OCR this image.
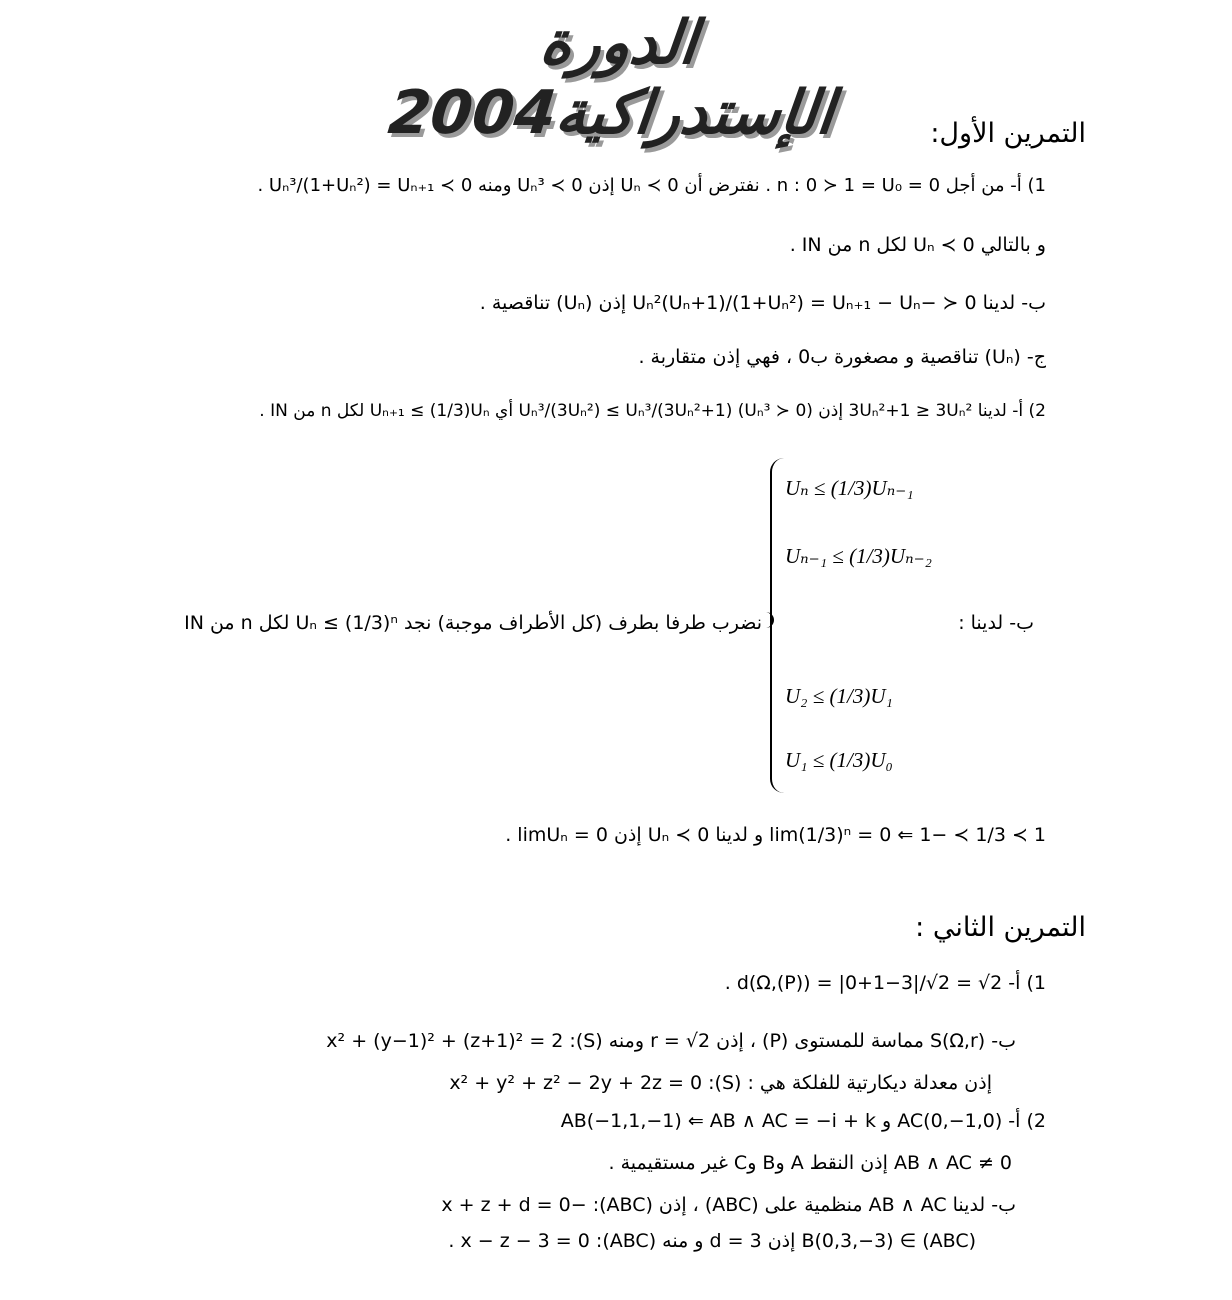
الدورة الإستدراكية2004	التمرين الأول:
1) أ- من أجل 0 = n : 0 ≻ 1 = U₀ . نفترض أن 0 ≻ Uₙ إذن 0 ≻ Uₙ³ ومنه 0 ≻ Uₙ³/(1+Uₙ²) = Uₙ₊₁ .
و بالتالي 0 ≻ Uₙ لكل n من IN .
ب- لدينا 0 ≺ −Uₙ²(Uₙ+1)/(1+Uₙ²) = Uₙ₊₁ − Uₙ إذن (Uₙ) تناقصية .
ج- (Uₙ) تناقصية و مصغورة ب0 ، فهي إذن متقاربة .
2) أ- لدينا 3Uₙ²+1 ≥ 3Uₙ² إذن Uₙ³/(3Uₙ²) ≤ Uₙ³/(3Uₙ²+1) (Uₙ³ ≻ 0) أي Uₙ₊₁ ≤ (1/3)Uₙ لكل n من IN .
Uₙ ≤ (1/3)Uₙ₋₁
Uₙ₋₁ ≤ (1/3)Uₙ₋₂
U₂ ≤ (1/3)U₁
U₁ ≤ (1/3)U₀
ب- لدينا :
نضرب طرفا بطرف (كل الأطراف موجبة) نجد Uₙ ≤ (1/3)ⁿ لكل n من IN
1 ≻ 1/3 ≻ −1 ⇐ lim(1/3)ⁿ = 0 و لدينا 0 ≻ Uₙ إذن 0 = limUₙ .
التمرين الثاني :
1) أ- d(Ω,(P)) = |0+1−3|/√2 = √2 .
ب- S(Ω,r) مماسة للمستوى (P) ، إذن r = √2 ومنه (S): x² + (y−1)² + (z+1)² = 2
إذن معدلة ديكارتية للفلكة هي : (S): x² + y² + z² − 2y + 2z = 0
2) أ- AC(0,−1,0) و AB(−1,1,−1) ⇐ AB ∧ AC = −i + k
AB ∧ AC ≠ 0 إذن النقط A وB وC غير مستقيمية .
ب- لدينا AB ∧ AC منظمية على (ABC) ، إذن (ABC): −x + z + d = 0
B(0,3,−3) ∈ (ABC) إذن d = 3 و منه (ABC): x − z − 3 = 0 .
